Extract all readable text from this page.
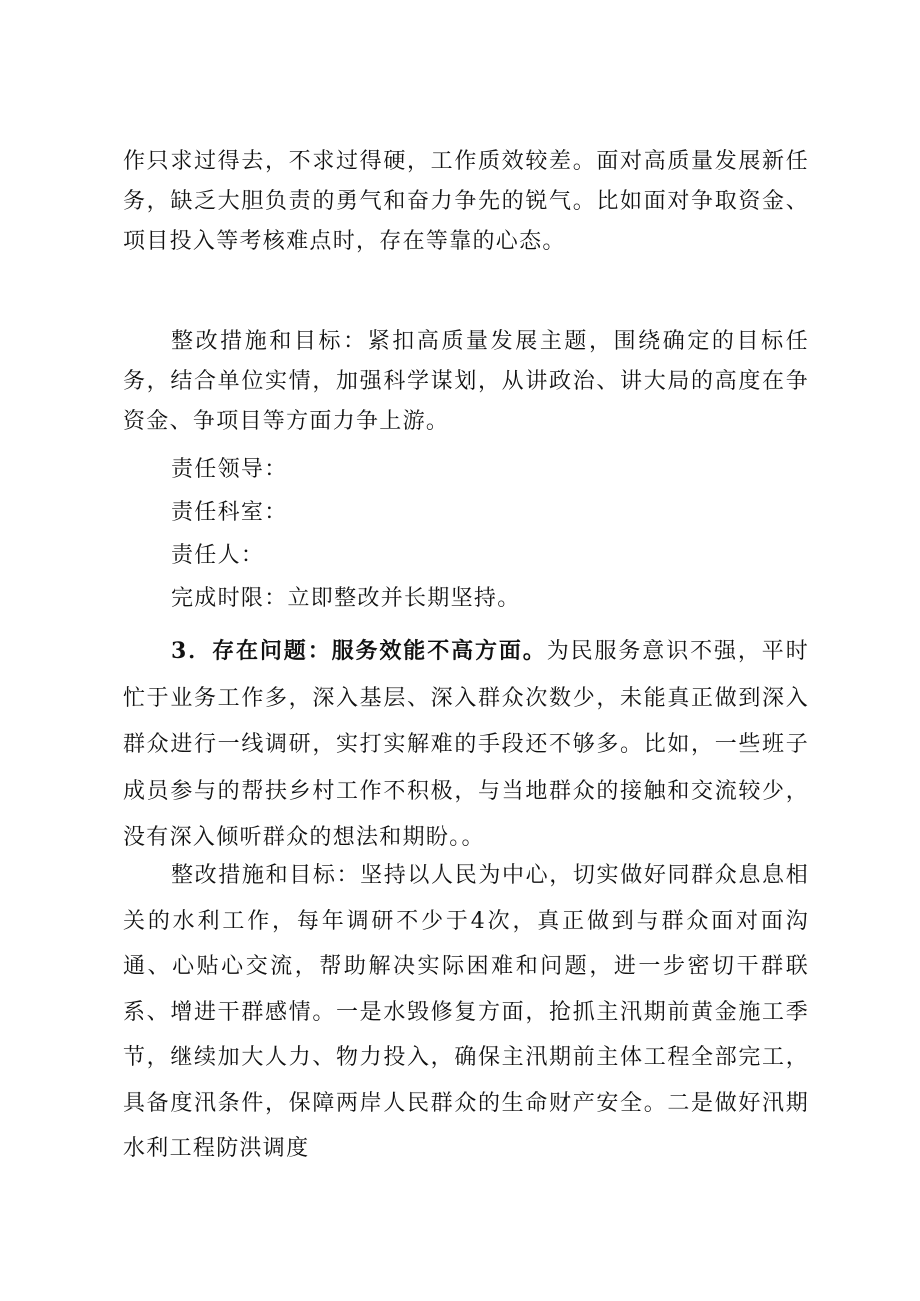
作只求过得去，不求过得硬，工作质效较差。面对高质量发展新任务，缺乏大胆负责的勇气和奋力争先的锐气。比如面对争取资金、项目投入等考核难点时，存在等靠的心态。

整改措施和目标：紧扣高质量发展主题，围绕确定的目标任务，结合单位实情，加强科学谋划，从讲政治、讲大局的高度在争资金、争项目等方面力争上游。

责任领导：

责任科室：

责任人：

完成时限：立即整改并长期坚持。

3．存在问题：服务效能不高方面。为民服务意识不强，平时忙于业务工作多，深入基层、深入群众次数少，未能真正做到深入群众进行一线调研，实打实解难的手段还不够多。比如，一些班子成员参与的帮扶乡村工作不积极，与当地群众的接触和交流较少，没有深入倾听群众的想法和期盼。。

整改措施和目标：坚持以人民为中心，切实做好同群众息息相关的水利工作，每年调研不少于4次，真正做到与群众面对面沟通、心贴心交流，帮助解决实际困难和问题，进一步密切干群联系、增进干群感情。一是水毁修复方面，抢抓主汛期前黄金施工季节，继续加大人力、物力投入，确保主汛期前主体工程全部完工，具备度汛条件，保障两岸人民群众的生命财产安全。二是做好汛期水利工程防洪调度
